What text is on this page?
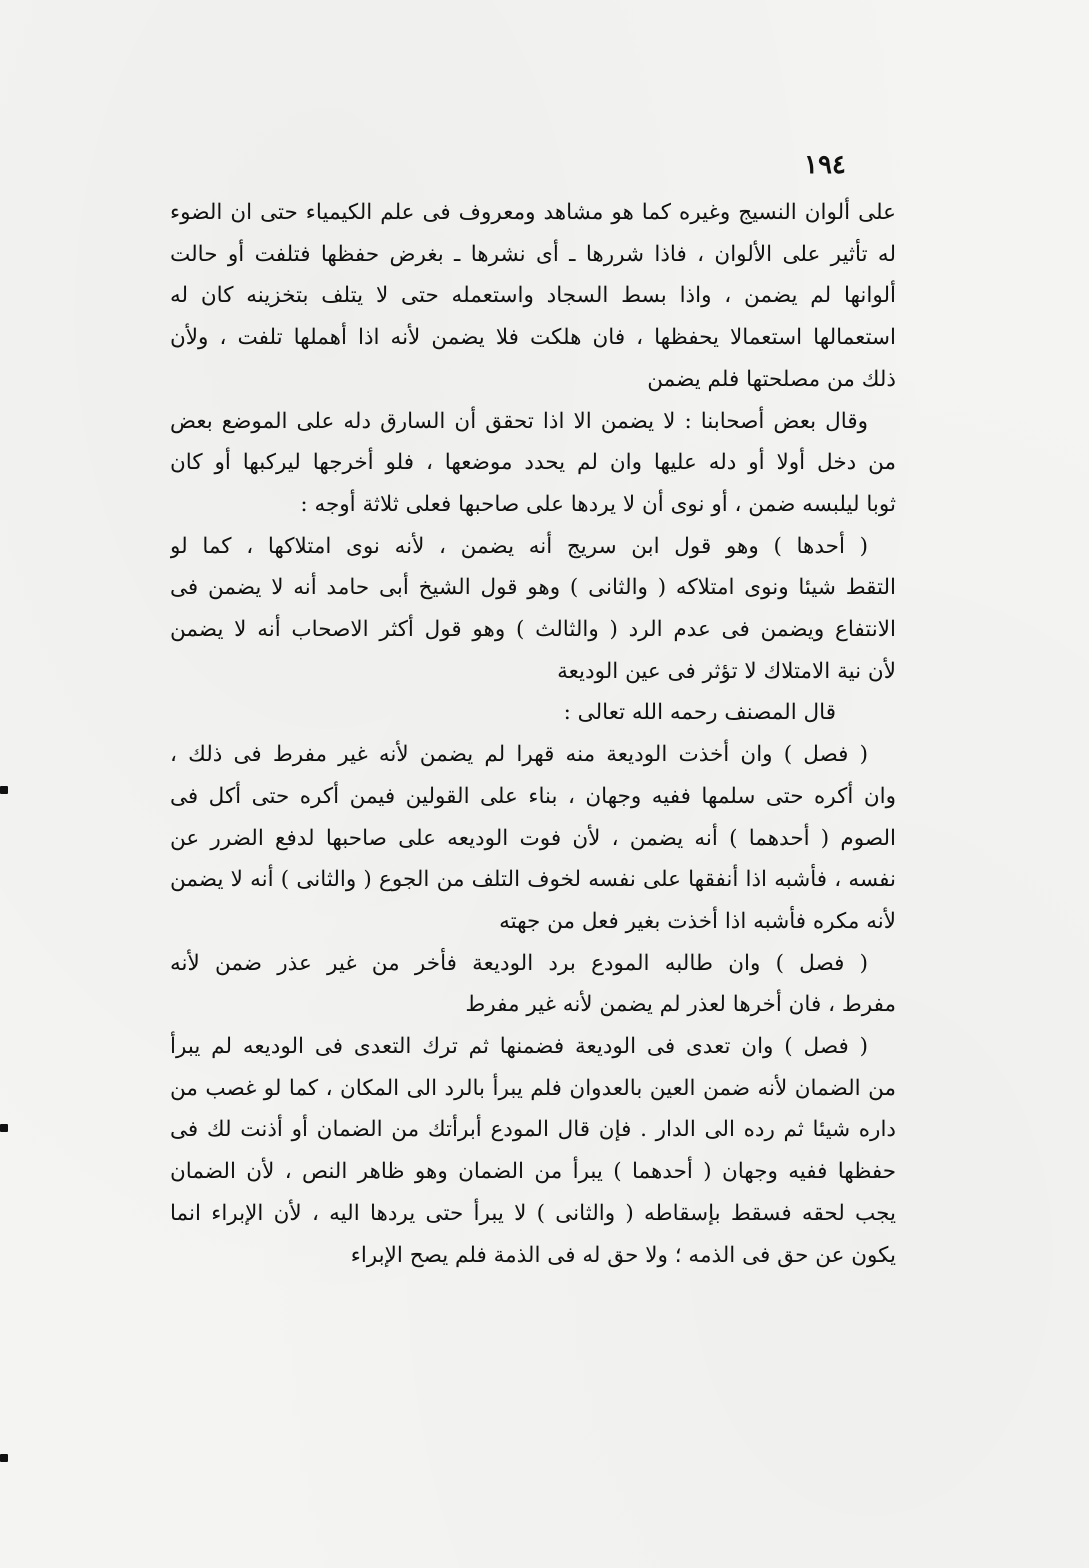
١٩٤
على ألوان النسيج وغيره كما هو مشاهد ومعروف فى علم الكيمياء حتى ان الضوء
له تأثير على الألوان ، فاذا شررها ـ أى نشرها ـ بغرض حفظها فتلفت أو حالت
ألوانها لم يضمن ، واذا بسط السجاد واستعمله حتى لا يتلف بتخزينه كان له
استعمالها استعمالا يحفظها ، فان هلكت فلا يضمن لأنه اذا أهملها تلفت ، ولأن
ذلك من مصلحتها فلم يضمن
وقال بعض أصحابنا : لا يضمن الا اذا تحقق أن السارق دله على الموضع بعض
من دخل أولا أو دله عليها وان لم يحدد موضعها ، فلو أخرجها ليركبها أو كان
ثوبا ليلبسه ضمن ، أو نوى أن لا يردها على صاحبها فعلى ثلاثة أوجه :
( أحدها ) وهو قول ابن سريج أنه يضمن ، لأنه نوى امتلاكها ، كما لو
التقط شيئا ونوى امتلاكه ( والثانى ) وهو قول الشيخ أبى حامد أنه لا يضمن فى
الانتفاع ويضمن فى عدم الرد ( والثالث ) وهو قول أكثر الاصحاب أنه لا يضمن
لأن نية الامتلاك لا تؤثر فى عين الوديعة
قال المصنف رحمه الله تعالى :
( فصل ) وان أخذت الوديعة منه قهرا لم يضمن لأنه غير مفرط فى ذلك ،
وان أكره حتى سلمها ففيه وجهان ، بناء على القولين فيمن أكره حتى أكل فى
الصوم ( أحدهما ) أنه يضمن ، لأن فوت الوديعه على صاحبها لدفع الضرر عن
نفسه ، فأشبه اذا أنفقها على نفسه لخوف التلف من الجوع ( والثانى ) أنه لا يضمن
لأنه مكره فأشبه اذا أخذت بغير فعل من جهته
( فصل ) وان طالبه المودع برد الوديعة فأخر من غير عذر ضمن لأنه
مفرط ، فان أخرها لعذر لم يضمن لأنه غير مفرط
( فصل ) وان تعدى فى الوديعة فضمنها ثم ترك التعدى فى الوديعه لم يبرأ
من الضمان لأنه ضمن العين بالعدوان فلم يبرأ بالرد الى المكان ، كما لو غصب من
داره شيئا ثم رده الى الدار . فإن قال المودع أبرأتك من الضمان أو أذنت لك فى
حفظها ففيه وجهان ( أحدهما ) يبرأ من الضمان وهو ظاهر النص ، لأن الضمان
يجب لحقه فسقط بإسقاطه ( والثانى ) لا يبرأ حتى يردها اليه ، لأن الإبراء انما
يكون عن حق فى الذمه ؛ ولا حق له فى الذمة فلم يصح الإبراء
